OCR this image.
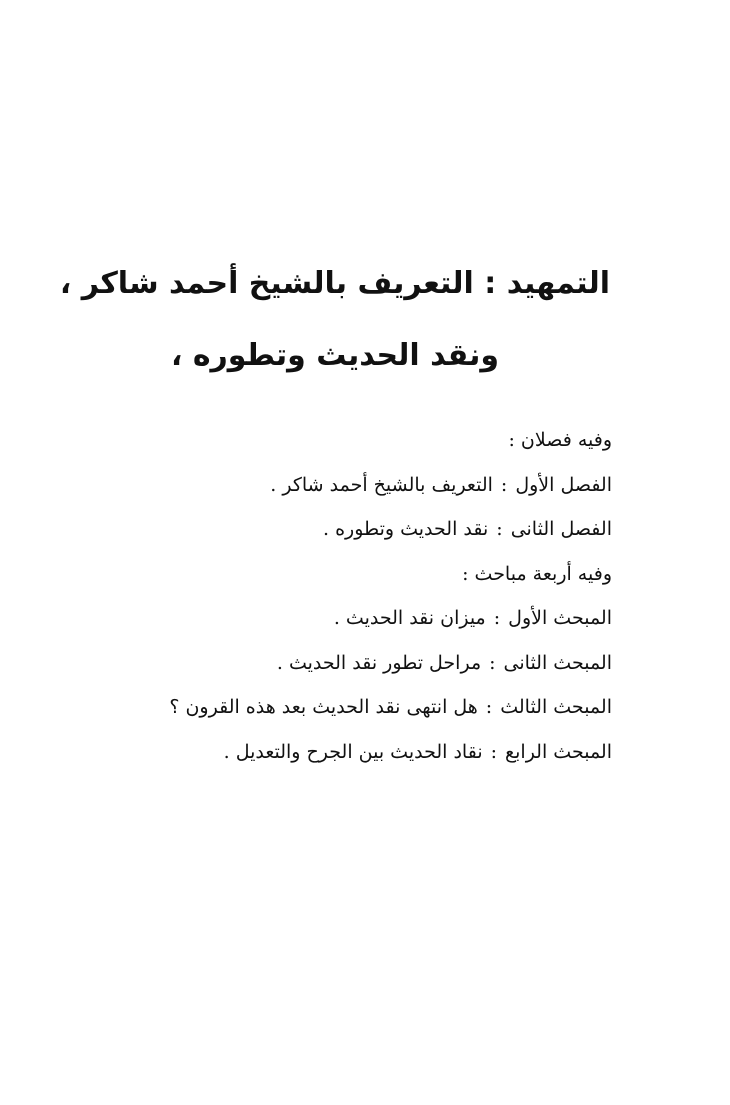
التمهيد : التعريف بالشيخ أحمد شاكر ،
ونقد الحديث وتطوره ،
وفيه فصلان :
الفصل الأول:التعريف بالشيخ أحمد شاكر .
الفصل الثانى:نقد الحديث وتطوره .
وفيه أربعة مباحث :
المبحث الأول:ميزان نقد الحديث .
المبحث الثانى:مراحل تطور نقد الحديث .
المبحث الثالث:هل انتهى نقد الحديث بعد هذه القرون ؟
المبحث الرابع:نقاد الحديث بين الجرح والتعديل .
